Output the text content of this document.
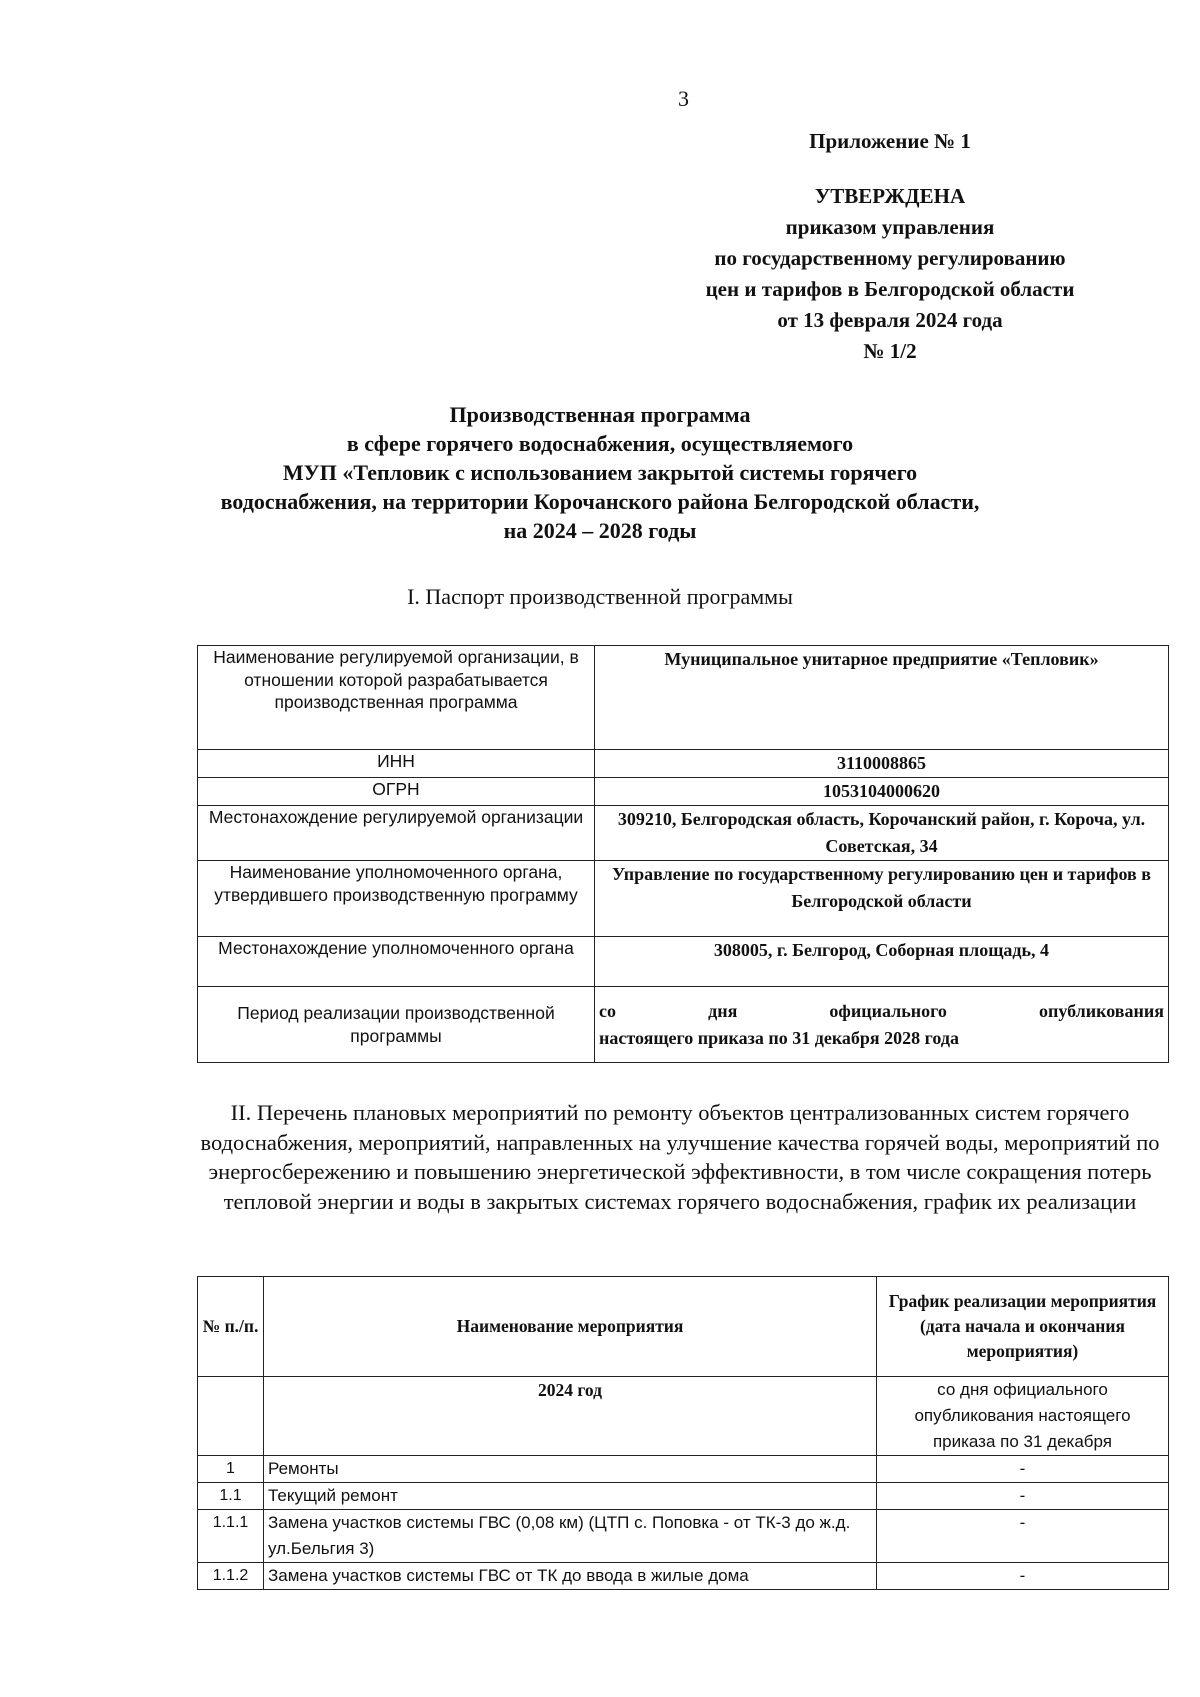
3
Приложение № 1
УТВЕРЖДЕНА
приказом управления
по государственному регулированию
цен и тарифов в Белгородской области
от 13 февраля 2024 года
№ 1/2
Производственная программа
в сфере горячего водоснабжения, осуществляемого
МУП «Тепловик с использованием закрытой системы горячего
водоснабжения, на территории Корочанского района Белгородской области,
на 2024 – 2028 годы
I. Паспорт производственной программы
Наименование регулируемой организации, в отношении которой разрабатывается производственная программа	Муниципальное унитарное предприятие «Тепловик»
ИНН	3110008865
ОГРН	1053104000620
Местонахождение регулируемой организации	309210, Белгородская область, Корочанский район, г. Короча, ул. Советская, 34
Наименование уполномоченного органа, утвердившего производственную программу	Управление по государственному регулированию цен и тарифов в Белгородской области
Местонахождение уполномоченного органа	308005, г. Белгород, Соборная площадь, 4
Период реализации производственной программы	со дня официального опубликования
настоящего приказа по 31 декабря 2028 года
II. Перечень плановых мероприятий по ремонту объектов централизованных систем горячего водоснабжения, мероприятий, направленных на улучшение качества горячей воды, мероприятий по энергосбережению и повышению энергетической эффективности, в том числе сокращения потерь тепловой энергии и воды в закрытых системах горячего водоснабжения, график их реализации
№ п./п.	Наименование мероприятия	График реализации мероприятия (дата начала и окончания мероприятия)
	2024 год	со дня официального опубликования настоящего приказа по 31 декабря
1	Ремонты	-
1.1	Текущий ремонт	-
1.1.1	Замена участков системы ГВС (0,08 км) (ЦТП с. Поповка - от ТК-3 до ж.д. ул.Бельгия 3)	-
1.1.2	Замена участков системы ГВС от ТК до ввода в жилые дома	-
